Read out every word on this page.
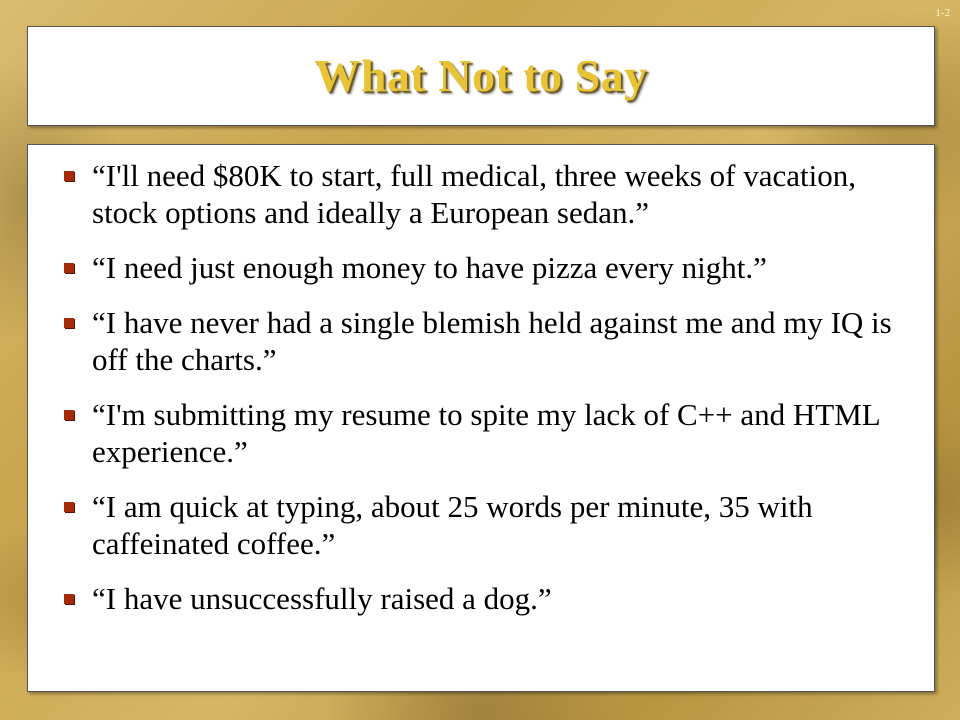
1-2
What Not to Say
“I'll need $80K to start, full medical, three weeks of vacation, stock options and ideally a European sedan.”
“I need just enough money to have pizza every night.”
“I have never had a single blemish held against me and my IQ is off the charts.”
“I'm submitting my resume to spite my lack of C++ and HTML experience.”
“I am quick at typing, about 25 words per minute, 35 with caffeinated coffee.”
“I have unsuccessfully raised a dog.”
